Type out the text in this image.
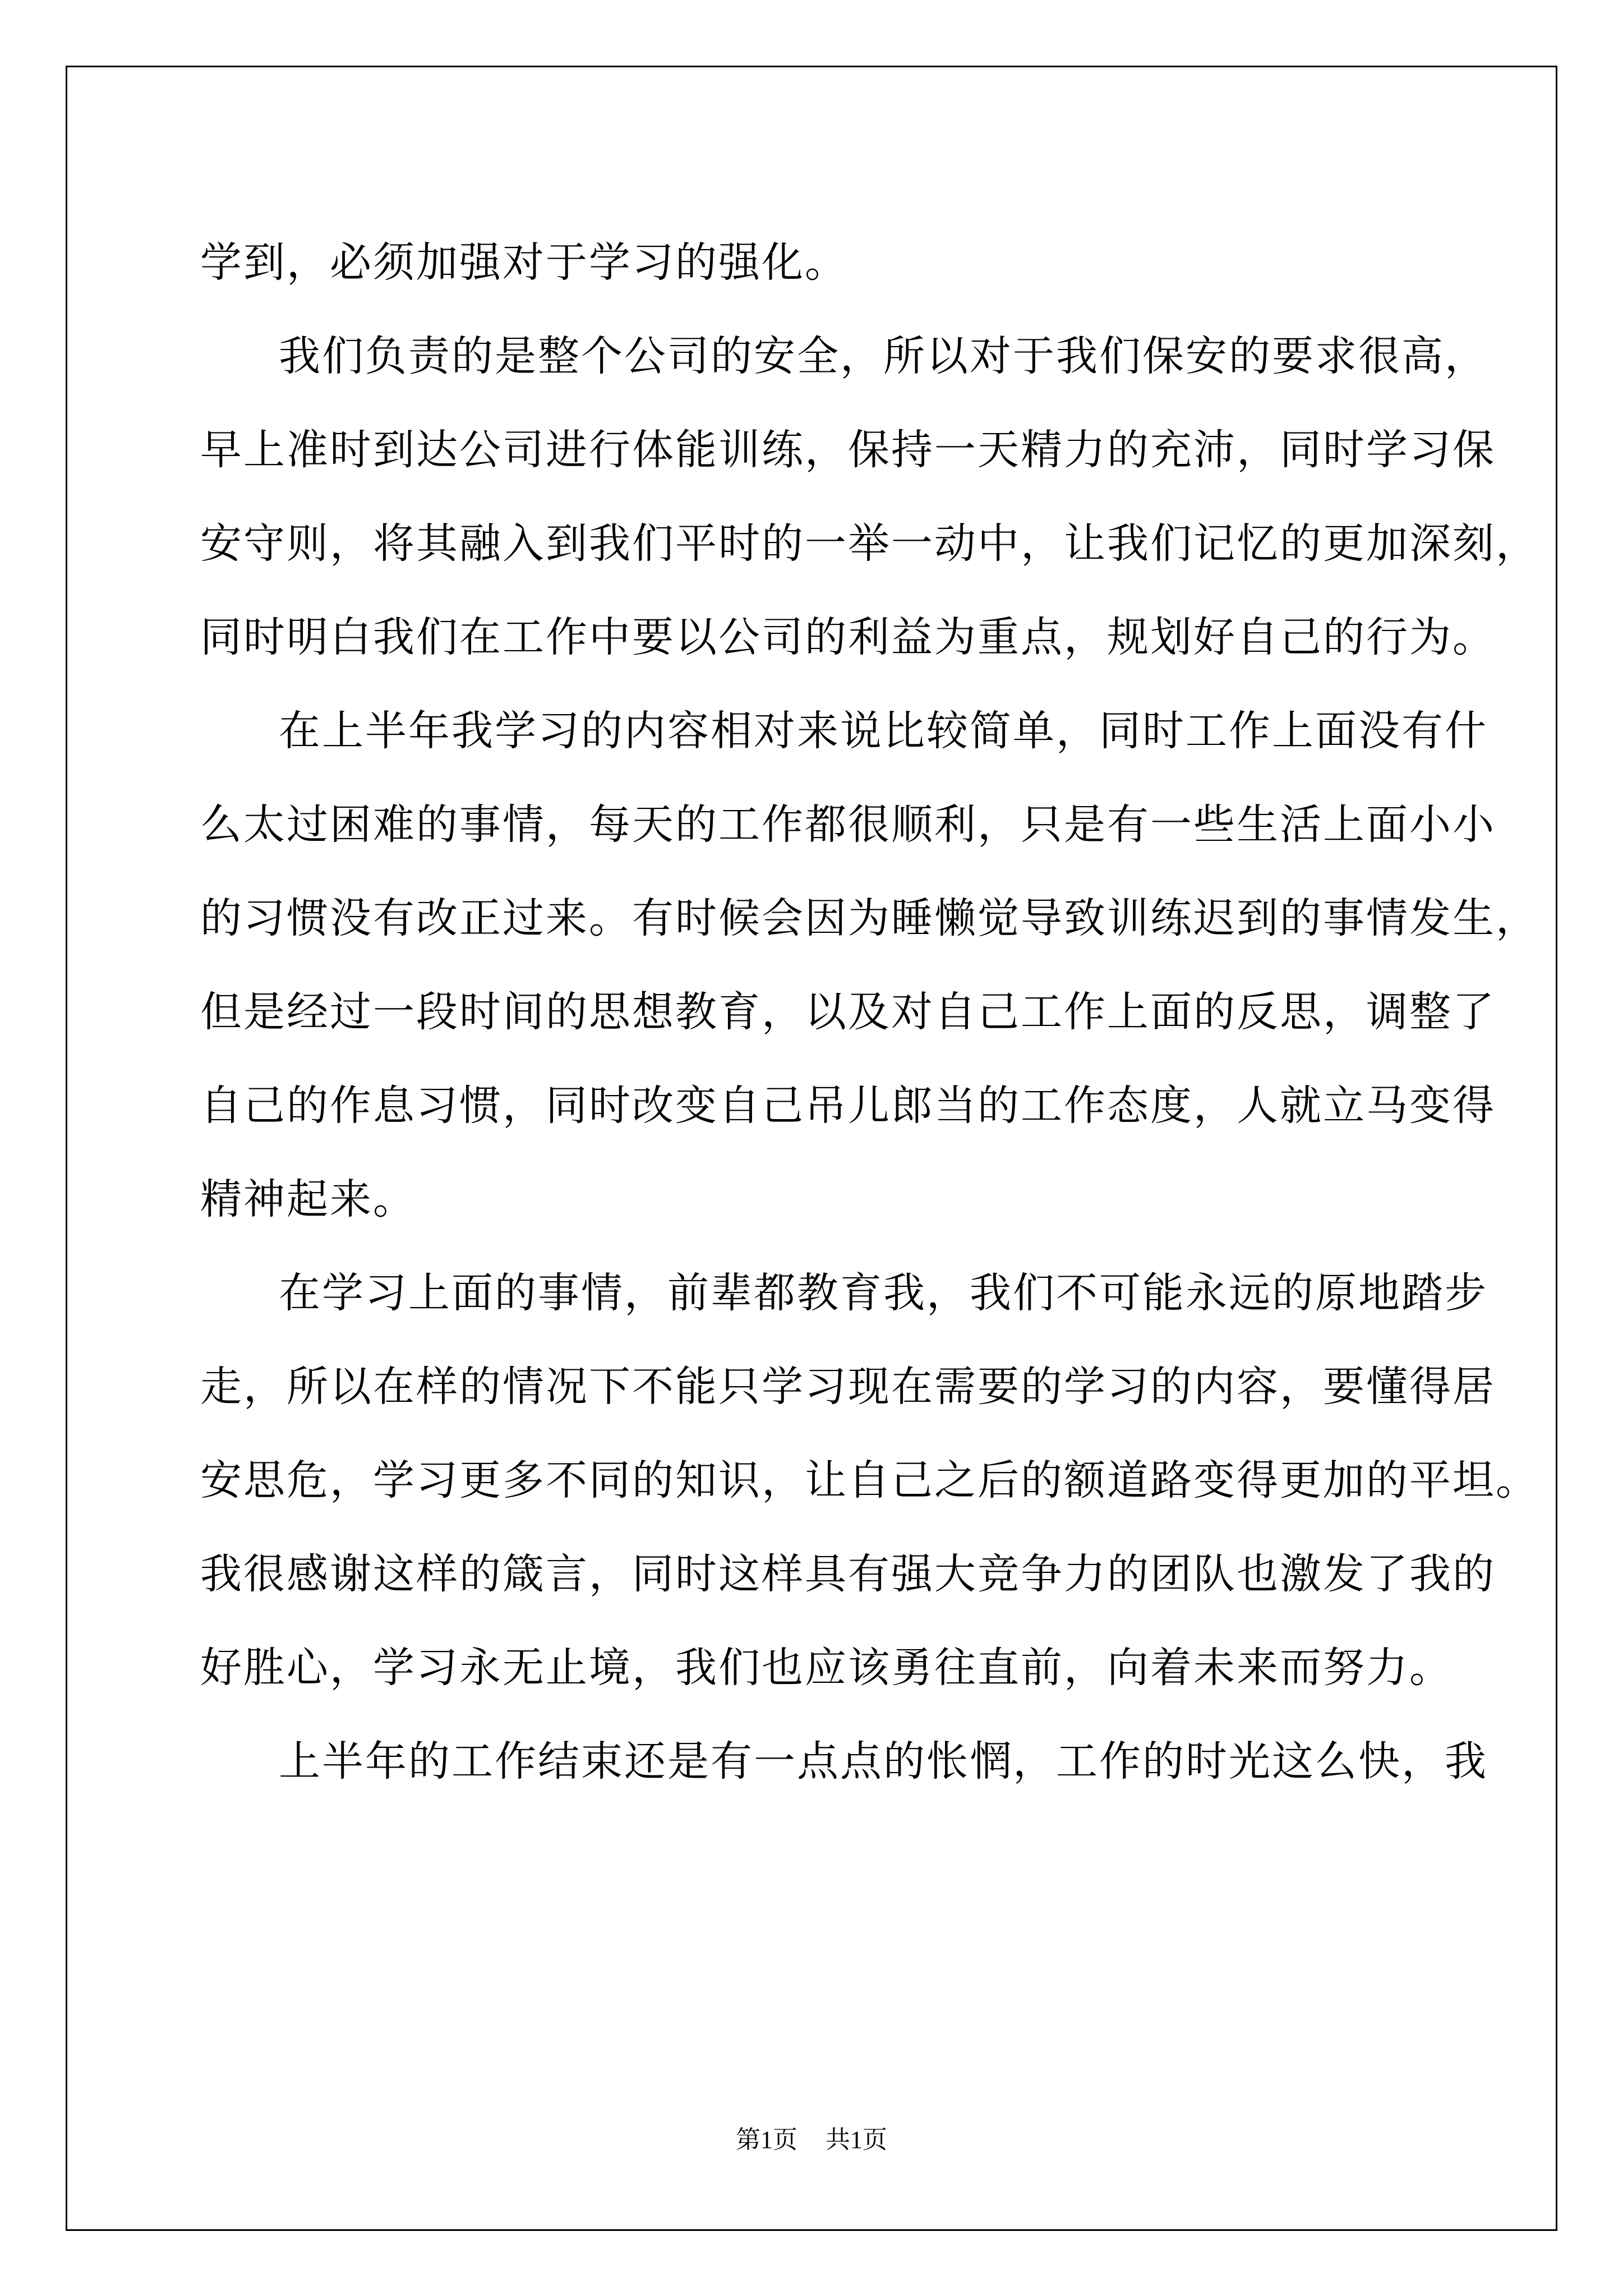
学到，必须加强对于学习的强化。
我们负责的是整个公司的安全，所以对于我们保安的要求很高，
早上准时到达公司进行体能训练，保持一天精力的充沛，同时学习保
安守则，将其融入到我们平时的一举一动中，让我们记忆的更加深刻，
同时明白我们在工作中要以公司的利益为重点，规划好自己的行为。
在上半年我学习的内容相对来说比较简单，同时工作上面没有什
么太过困难的事情，每天的工作都很顺利，只是有一些生活上面小小
的习惯没有改正过来。有时候会因为睡懒觉导致训练迟到的事情发生，
但是经过一段时间的思想教育，以及对自己工作上面的反思，调整了
自己的作息习惯，同时改变自己吊儿郎当的工作态度，人就立马变得
精神起来。
在学习上面的事情，前辈都教育我，我们不可能永远的原地踏步
走，所以在样的情况下不能只学习现在需要的学习的内容，要懂得居
安思危，学习更多不同的知识，让自己之后的额道路变得更加的平坦。
我很感谢这样的箴言，同时这样具有强大竞争力的团队也激发了我的
好胜心，学习永无止境，我们也应该勇往直前，向着未来而努力。
上半年的工作结束还是有一点点的怅惘，工作的时光这么快，我
第1页 共1页
